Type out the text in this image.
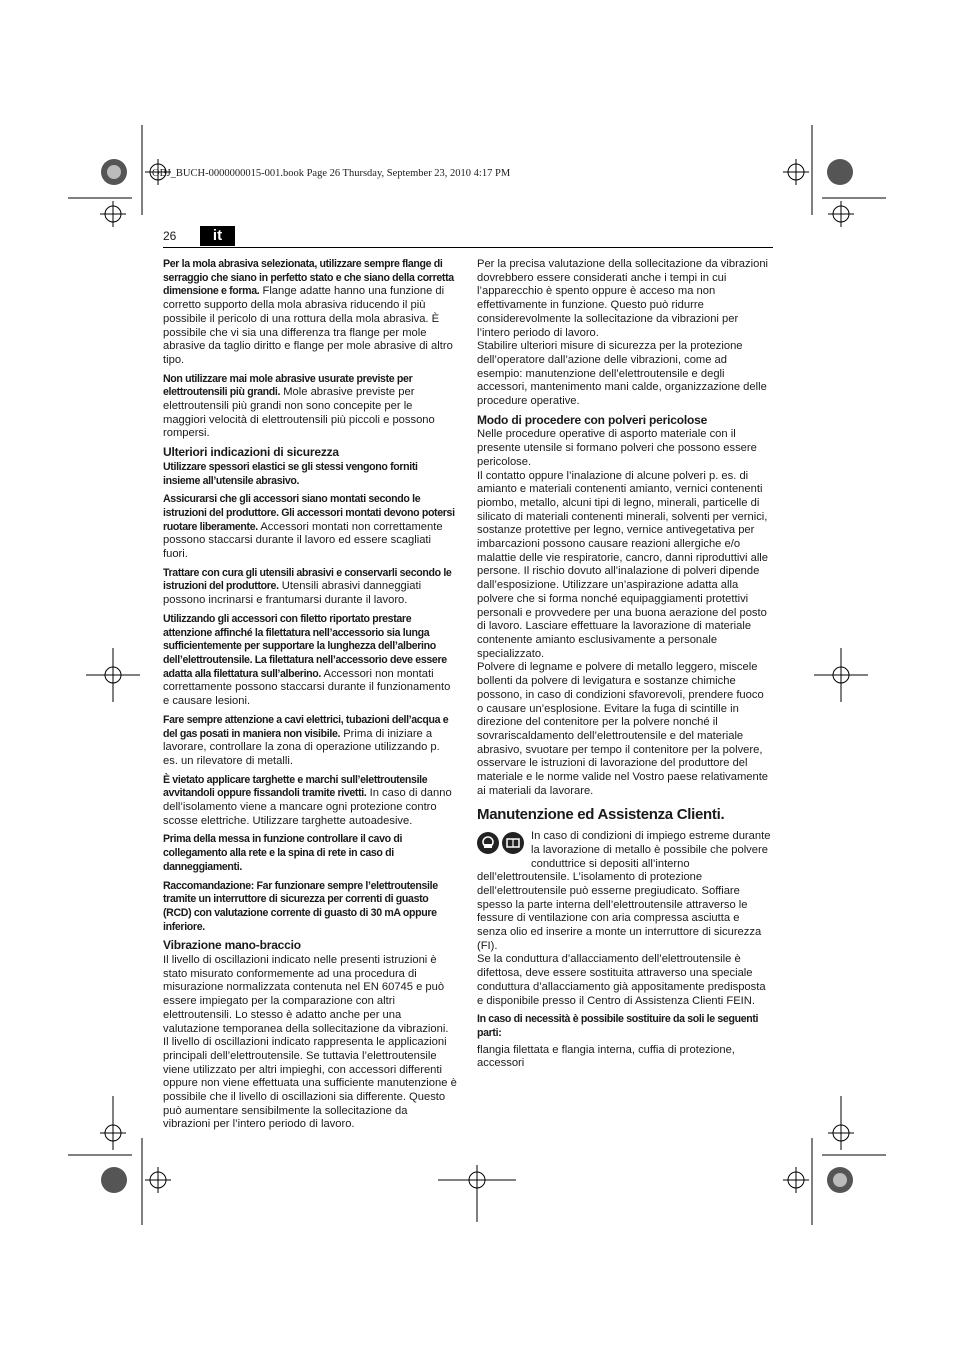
OBJ_BUCH-0000000015-001.book Page 26 Thursday, September 23, 2010 4:17 PM
26	it

Per la mola abrasiva selezionata, utilizzare sempre flange di serraggio che siano in perfetto stato e che siano della corretta dimensione e forma. Flange adatte hanno una funzione di corretto supporto della mola abrasiva riducendo il più possibile il pericolo di una rottura della mola abrasiva. È possibile che vi sia una differenza tra flange per mole abrasive da taglio diritto e flange per mole abrasive di altro tipo.

Non utilizzare mai mole abrasive usurate previste per elettroutensili più grandi. Mole abrasive previste per elettroutensili più grandi non sono concepite per le maggiori velocità di elettroutensili più piccoli e possono rompersi.

Ulteriori indicazioni di sicurezza

Utilizzare spessori elastici se gli stessi vengono forniti insieme all’utensile abrasivo.

Assicurarsi che gli accessori siano montati secondo le istruzioni del produttore. Gli accessori montati devono potersi ruotare liberamente. Accessori montati non correttamente possono staccarsi durante il lavoro ed essere scagliati fuori.

Trattare con cura gli utensili abrasivi e conservarli secondo le istruzioni del produttore. Utensili abrasivi danneggiati possono incrinarsi e frantumarsi durante il lavoro.

Utilizzando gli accessori con filetto riportato prestare attenzione affinché la filettatura nell’accessorio sia lunga sufficientemente per supportare la lunghezza dell’alberino dell’elettroutensile. La filettatura nell’accessorio deve essere adatta alla filettatura sull’alberino. Accessori non montati correttamente possono staccarsi durante il funzionamento e causare lesioni.

Fare sempre attenzione a cavi elettrici, tubazioni dell’acqua e del gas posati in maniera non visibile. Prima di iniziare a lavorare, controllare la zona di operazione utilizzando p. es. un rilevatore di metalli.

È vietato applicare targhette e marchi sull’elettroutensile avvitandoli oppure fissandoli tramite rivetti. In caso di danno dell’isolamento viene a mancare ogni protezione contro scosse elettriche. Utilizzare targhette autoadesive.

Prima della messa in funzione controllare il cavo di collegamento alla rete e la spina di rete in caso di danneggiamenti.

Raccomandazione: Far funzionare sempre l’elettroutensile tramite un interruttore di sicurezza per correnti di guasto (RCD) con valutazione corrente di guasto di 30 mA oppure inferiore.

Vibrazione mano-braccio

Il livello di oscillazioni indicato nelle presenti istruzioni è stato misurato conformemente ad una procedura di misurazione normalizzata contenuta nel EN 60745 e può essere impiegato per la comparazione con altri elettroutensili. Lo stesso è adatto anche per una valutazione temporanea della sollecitazione da vibrazioni.

Il livello di oscillazioni indicato rappresenta le applicazioni principali dell’elettroutensile. Se tuttavia l’elettroutensile viene utilizzato per altri impieghi, con accessori differenti oppure non viene effettuata una sufficiente manutenzione è possibile che il livello di oscillazioni sia differente. Questo può aumentare sensibilmente la sollecitazione da vibrazioni per l’intero periodo di lavoro.

Per la precisa valutazione della sollecitazione da vibrazioni dovrebbero essere considerati anche i tempi in cui l’apparecchio è spento oppure è acceso ma non effettivamente in funzione. Questo può ridurre considerevolmente la sollecitazione da vibrazioni per l’intero periodo di lavoro.

Stabilire ulteriori misure di sicurezza per la protezione dell’operatore dall’azione delle vibrazioni, come ad esempio: manutenzione dell’elettroutensile e degli accessori, mantenimento mani calde, organizzazione delle procedure operative.

Modo di procedere con polveri pericolose

Nelle procedure operative di asporto materiale con il presente utensile si formano polveri che possono essere pericolose.

Il contatto oppure l’inalazione di alcune polveri p. es. di amianto e materiali contenenti amianto, vernici contenenti piombo, metallo, alcuni tipi di legno, minerali, particelle di silicato di materiali contenenti minerali, solventi per vernici, sostanze protettive per legno, vernice antivegetativa per imbarcazioni possono causare reazioni allergiche e/o malattie delle vie respiratorie, cancro, danni riproduttivi alle persone. Il rischio dovuto all’inalazione di polveri dipende dall’esposizione. Utilizzare un’aspirazione adatta alla polvere che si forma nonché equipaggiamenti protettivi personali e provvedere per una buona aerazione del posto di lavoro. Lasciare effettuare la lavorazione di materiale contenente amianto esclusivamente a personale specializzato.

Polvere di legname e polvere di metallo leggero, miscele bollenti da polvere di levigatura e sostanze chimiche possono, in caso di condizioni sfavorevoli, prendere fuoco o causare un’esplosione. Evitare la fuga di scintille in direzione del contenitore per la polvere nonché il sovrariscaldamento dell’elettroutensile e del materiale abrasivo, svuotare per tempo il contenitore per la polvere, osservare le istruzioni di lavorazione del produttore del materiale e le norme valide nel Vostro paese relativamente ai materiali da lavorare.

Manutenzione ed Assistenza Clienti.

In caso di condizioni di impiego estreme durante la lavorazione di metallo è possibile che polvere conduttrice si depositi all’interno dell’elettroutensile. L’isolamento di protezione dell’elettroutensile può esserne pregiudicato. Soffiare spesso la parte interna dell’elettroutensile attraverso le fessure di ventilazione con aria compressa asciutta e senza olio ed inserire a monte un interruttore di sicurezza (FI).

Se la conduttura d’allacciamento dell’elettroutensile è difettosa, deve essere sostituita attraverso una speciale conduttura d’allacciamento già appositamente predisposta e disponibile presso il Centro di Assistenza Clienti FEIN.

In caso di necessità è possibile sostituire da soli le seguenti parti:

flangia filettata e flangia interna, cuffia di protezione, accessori
